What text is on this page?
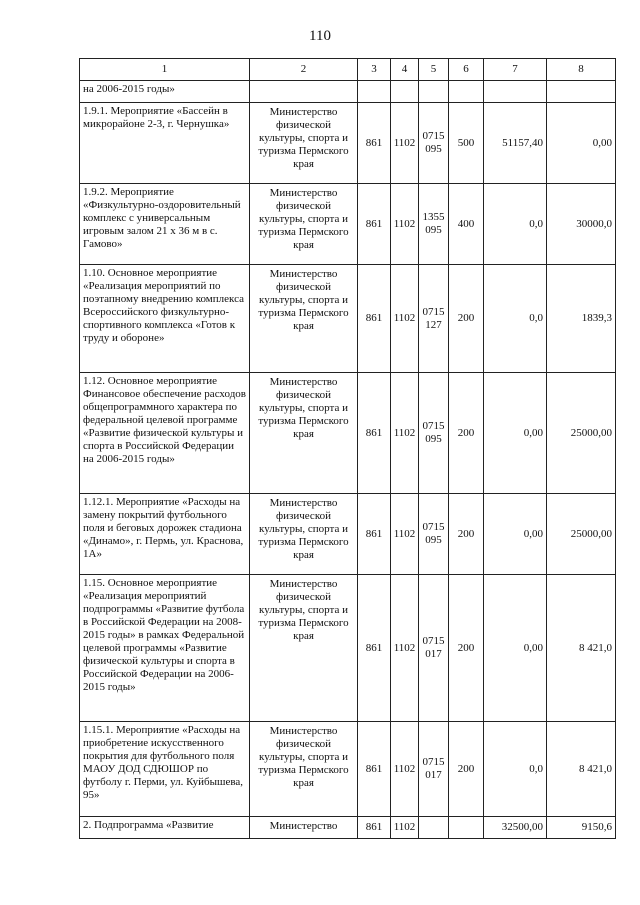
110
1	2	3	4	5	6	7	8
на 2006-2015 годы»							
1.9.1. Мероприятие «Бассейн в микрорайоне 2-3, г. Чернушка»	Министерство физической культуры, спорта и туризма Пермского края	861	1102	0715 095	500	51157,40	0,00
1.9.2. Мероприятие «Физкультурно-оздоровительный комплекс с универсальным игровым залом 21 х 36 м в с. Гамово»	Министерство физической культуры, спорта и туризма Пермского края	861	1102	1355 095	400	0,0	30000,0
1.10. Основное мероприятие «Реализация мероприятий по поэтапному внедрению комплекса Всероссийского физкультурно-спортивного комплекса «Готов к труду и обороне»	Министерство физической культуры, спорта и туризма Пермского края	861	1102	0715 127	200	0,0	1839,3
1.12. Основное мероприятие Финансовое обеспечение расходов общепрограммного характера по федеральной целевой программе «Развитие физической культуры и спорта в Российской Федерации на 2006-2015 годы»	Министерство физической культуры, спорта и туризма Пермского края	861	1102	0715 095	200	0,00	25000,00
1.12.1. Мероприятие «Расходы на замену покрытий футбольного поля и беговых дорожек стадиона «Динамо», г. Пермь, ул. Краснова, 1А»	Министерство физической культуры, спорта и туризма Пермского края	861	1102	0715 095	200	0,00	25000,00
1.15. Основное мероприятие «Реализация мероприятий подпрограммы «Развитие футбола в Российской Федерации на 2008-2015 годы» в рамках Федеральной целевой программы «Развитие физической культуры и спорта в Российской Федерации на 2006-2015 годы»	Министерство физической культуры, спорта и туризма Пермского края	861	1102	0715 017	200	0,00	8 421,0
1.15.1. Мероприятие «Расходы на приобретение искусственного покрытия для футбольного поля МАОУ ДОД СДЮШОР по футболу г. Перми, ул. Куйбышева, 95»	Министерство физической культуры, спорта и туризма Пермского края	861	1102	0715 017	200	0,0	8 421,0
2. Подпрограмма «Развитие	Министерство	861	1102			32500,00	9150,6
